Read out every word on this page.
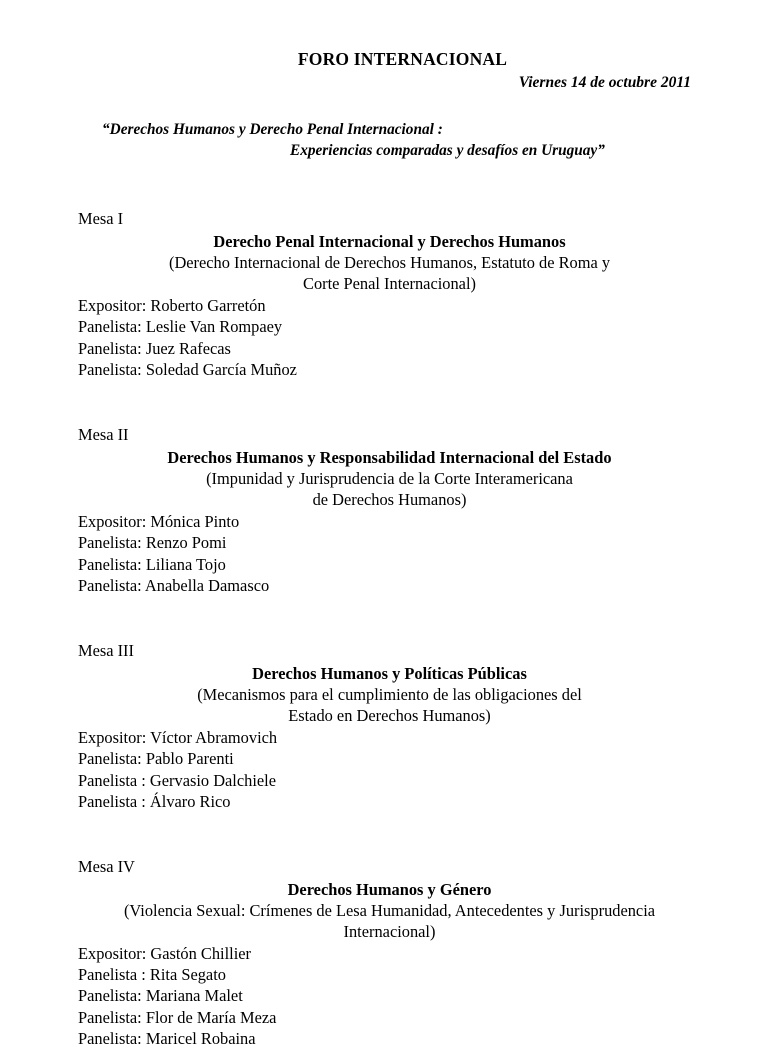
FORO INTERNACIONAL

Viernes 14 de octubre 2011

“Derechos Humanos y Derecho Penal Internacional :
Experiencias comparadas y desafíos en Uruguay”

Mesa I

Derecho Penal Internacional y Derechos Humanos

(Derecho Internacional de Derechos Humanos, Estatuto de Roma y
Corte Penal Internacional)

Expositor: Roberto Garretón
Panelista: Leslie Van Rompaey
Panelista: Juez Rafecas
Panelista: Soledad García Muñoz

Mesa II

Derechos Humanos y Responsabilidad Internacional del Estado

(Impunidad y Jurisprudencia de la Corte Interamericana
de Derechos Humanos)

Expositor: Mónica Pinto
Panelista: Renzo Pomi
Panelista: Liliana Tojo
Panelista: Anabella Damasco

Mesa III

Derechos Humanos y Políticas Públicas

(Mecanismos para el cumplimiento de las obligaciones del
Estado en Derechos Humanos)

Expositor: Víctor Abramovich
Panelista: Pablo Parenti
Panelista : Gervasio Dalchiele
Panelista : Álvaro Rico

Mesa IV

Derechos Humanos y Género

(Violencia Sexual: Crímenes de Lesa Humanidad, Antecedentes y Jurisprudencia
Internacional)

Expositor: Gastón Chillier
Panelista : Rita Segato
Panelista: Mariana Malet
Panelista: Flor de María Meza
Panelista: Maricel Robaina
